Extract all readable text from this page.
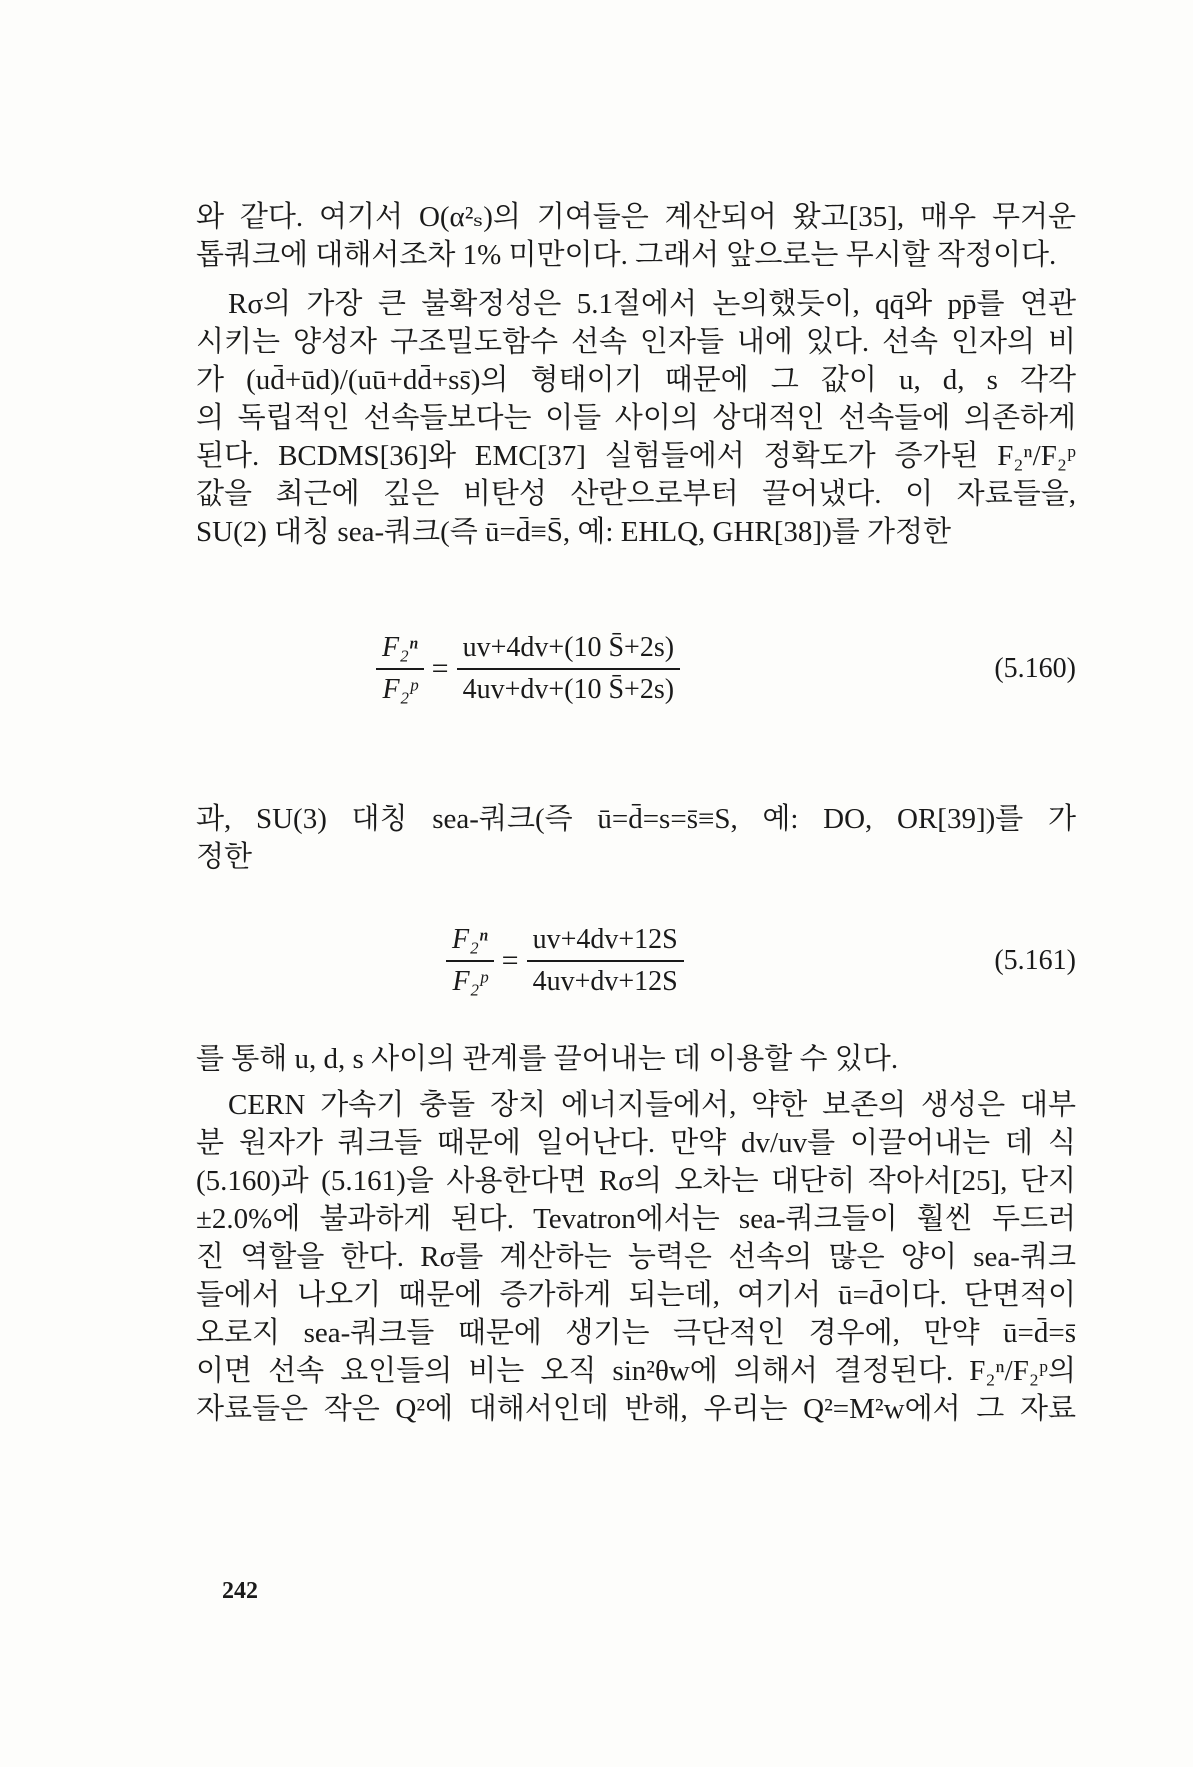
와 같다. 여기서 O(α²ₛ)의 기여들은 계산되어 왔고[35], 매우 무거운
톱쿼크에 대해서조차 1% 미만이다. 그래서 앞으로는 무시할 작정이다.
Rσ의 가장 큰 불확정성은 5.1절에서 논의했듯이, qq̄와 pp̄를 연관
시키는 양성자 구조밀도함수 선속 인자들 내에 있다. 선속 인자의 비
가 (ud̄+ūd)/(uū+dd̄+ss̄)의 형태이기 때문에 그 값이 u, d, s 각각
의 독립적인 선속들보다는 이들 사이의 상대적인 선속들에 의존하게
된다. BCDMS[36]와 EMC[37] 실험들에서 정확도가 증가된 F₂ⁿ/F₂ᵖ
값을 최근에 깊은 비탄성 산란으로부터 끌어냈다. 이 자료들을,
SU(2) 대칭 sea-쿼크(즉 ū=d̄≡S̄, 예: EHLQ, GHR[38])를 가정한
$\frac{\text{F₂ⁿ}}{\text{F₂ᵖ}} = \frac{uv+4dv+(10 S̄+2s)}{4uv+dv+(10 S̄+2s)}$	(5.160)
과, SU(3) 대칭 sea-쿼크(즉 ū=d̄=s=s̄≡S, 예: DO, OR[39])를 가
정한
$\frac{\text{F₂ⁿ}}{\text{F₂ᵖ}} = \frac{uv+4dv+12S}{4uv+dv+12S}$	(5.161)
를 통해 u, d, s 사이의 관계를 끌어내는 데 이용할 수 있다.
CERN 가속기 충돌 장치 에너지들에서, 약한 보존의 생성은 대부
분 원자가 쿼크들 때문에 일어난다. 만약 dv/uv를 이끌어내는 데 식
(5.160)과 (5.161)을 사용한다면 Rσ의 오차는 대단히 작아서[25], 단지
±2.0%에 불과하게 된다. Tevatron에서는 sea-쿼크들이 훨씬 두드러
진 역할을 한다. Rσ를 계산하는 능력은 선속의 많은 양이 sea-쿼크
들에서 나오기 때문에 증가하게 되는데, 여기서 ū=d̄이다. 단면적이
오로지 sea-쿼크들 때문에 생기는 극단적인 경우에, 만약 ū=d̄=s̄
이면 선속 요인들의 비는 오직 sin²θw에 의해서 결정된다. F₂ⁿ/F₂ᵖ의
자료들은 작은 Q²에 대해서인데 반해, 우리는 Q²=M²w에서 그 자료
242
